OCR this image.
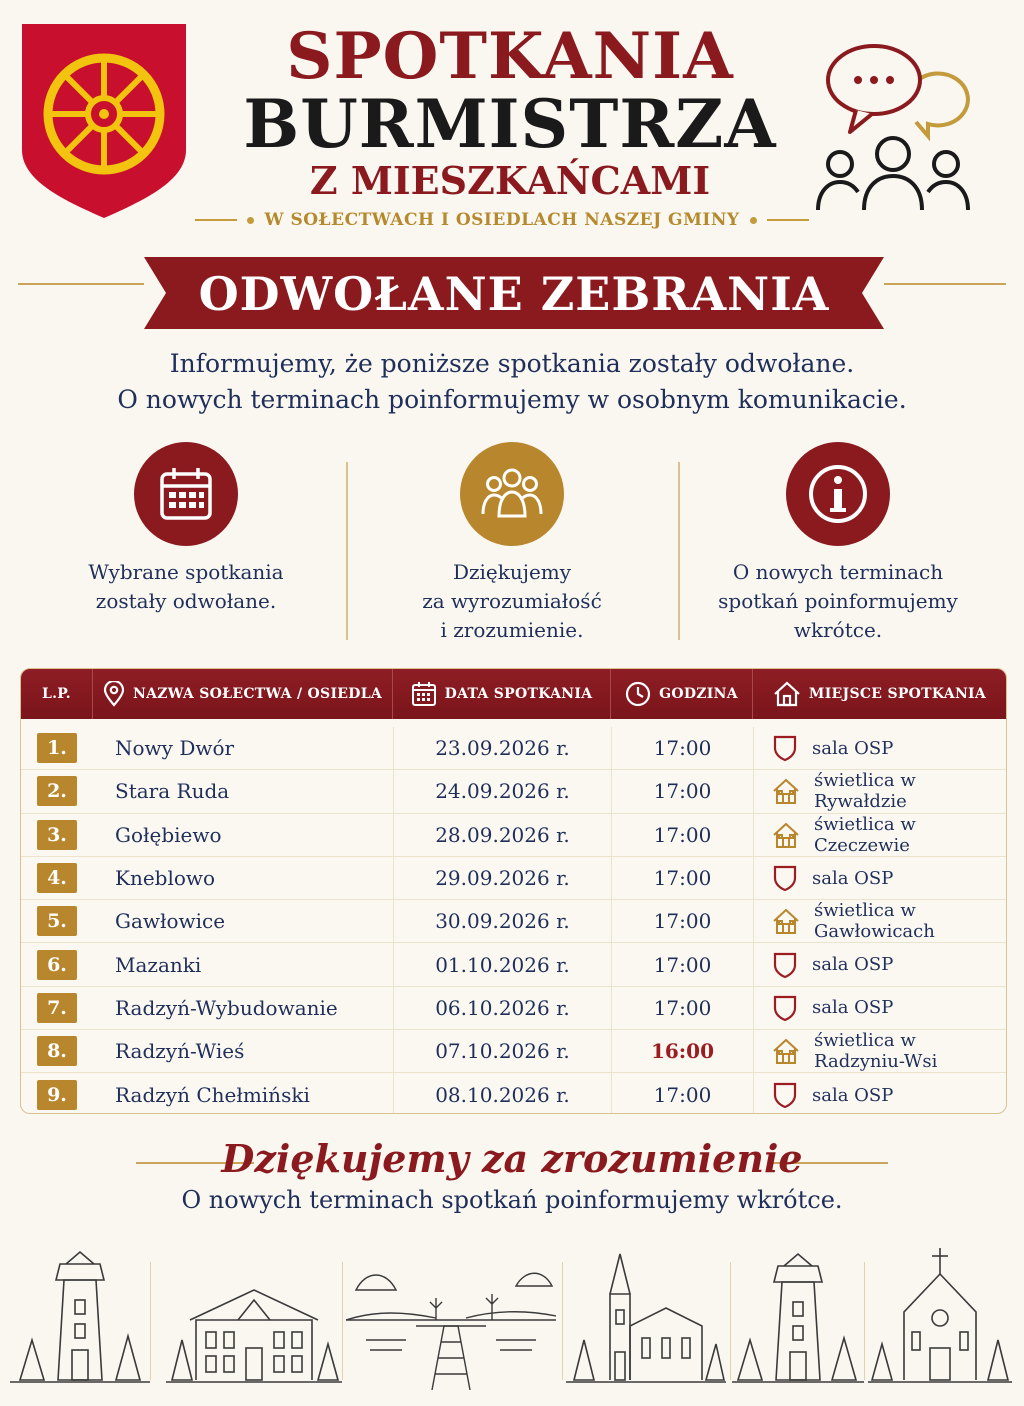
SPOTKANIA
BURMISTRZA
Z MIESZKAŃCAMI
W SOŁECTWACH I OSIEDLACH NASZEJ GMINY
ODWOŁANE ZEBRANIA
Informujemy, że poniższe spotkania zostały odwołane.
O nowych terminach poinformujemy w osobnym komunikacie.
Wybrane spotkania
zostały odwołane.
Dziękujemy
za wyrozumiałość
i zrozumienie.
O nowych terminach
spotkań poinformujemy
wkrótce.
L.P.	NAZWA SOŁECTWA / OSIEDLA	DATA SPOTKANIA	GODZINA	MIEJSCE SPOTKANIA
1.	Nowy Dwór	23.09.2026 r.	17:00	sala OSP
2.	Stara Ruda	24.09.2026 r.	17:00	świetlica w Rywałdzie
3.	Gołębiewo	28.09.2026 r.	17:00	świetlica w Czeczewie
4.	Kneblowo	29.09.2026 r.	17:00	sala OSP
5.	Gawłowice	30.09.2026 r.	17:00	świetlica w Gawłowicach
6.	Mazanki	01.10.2026 r.	17:00	sala OSP
7.	Radzyń-Wybudowanie	06.10.2026 r.	17:00	sala OSP
8.	Radzyń-Wieś	07.10.2026 r.	16:00	świetlica w Radzyniu-Wsi
9.	Radzyń Chełmiński	08.10.2026 r.	17:00	sala OSP
Dziękujemy za zrozumienie
O nowych terminach spotkań poinformujemy wkrótce.
